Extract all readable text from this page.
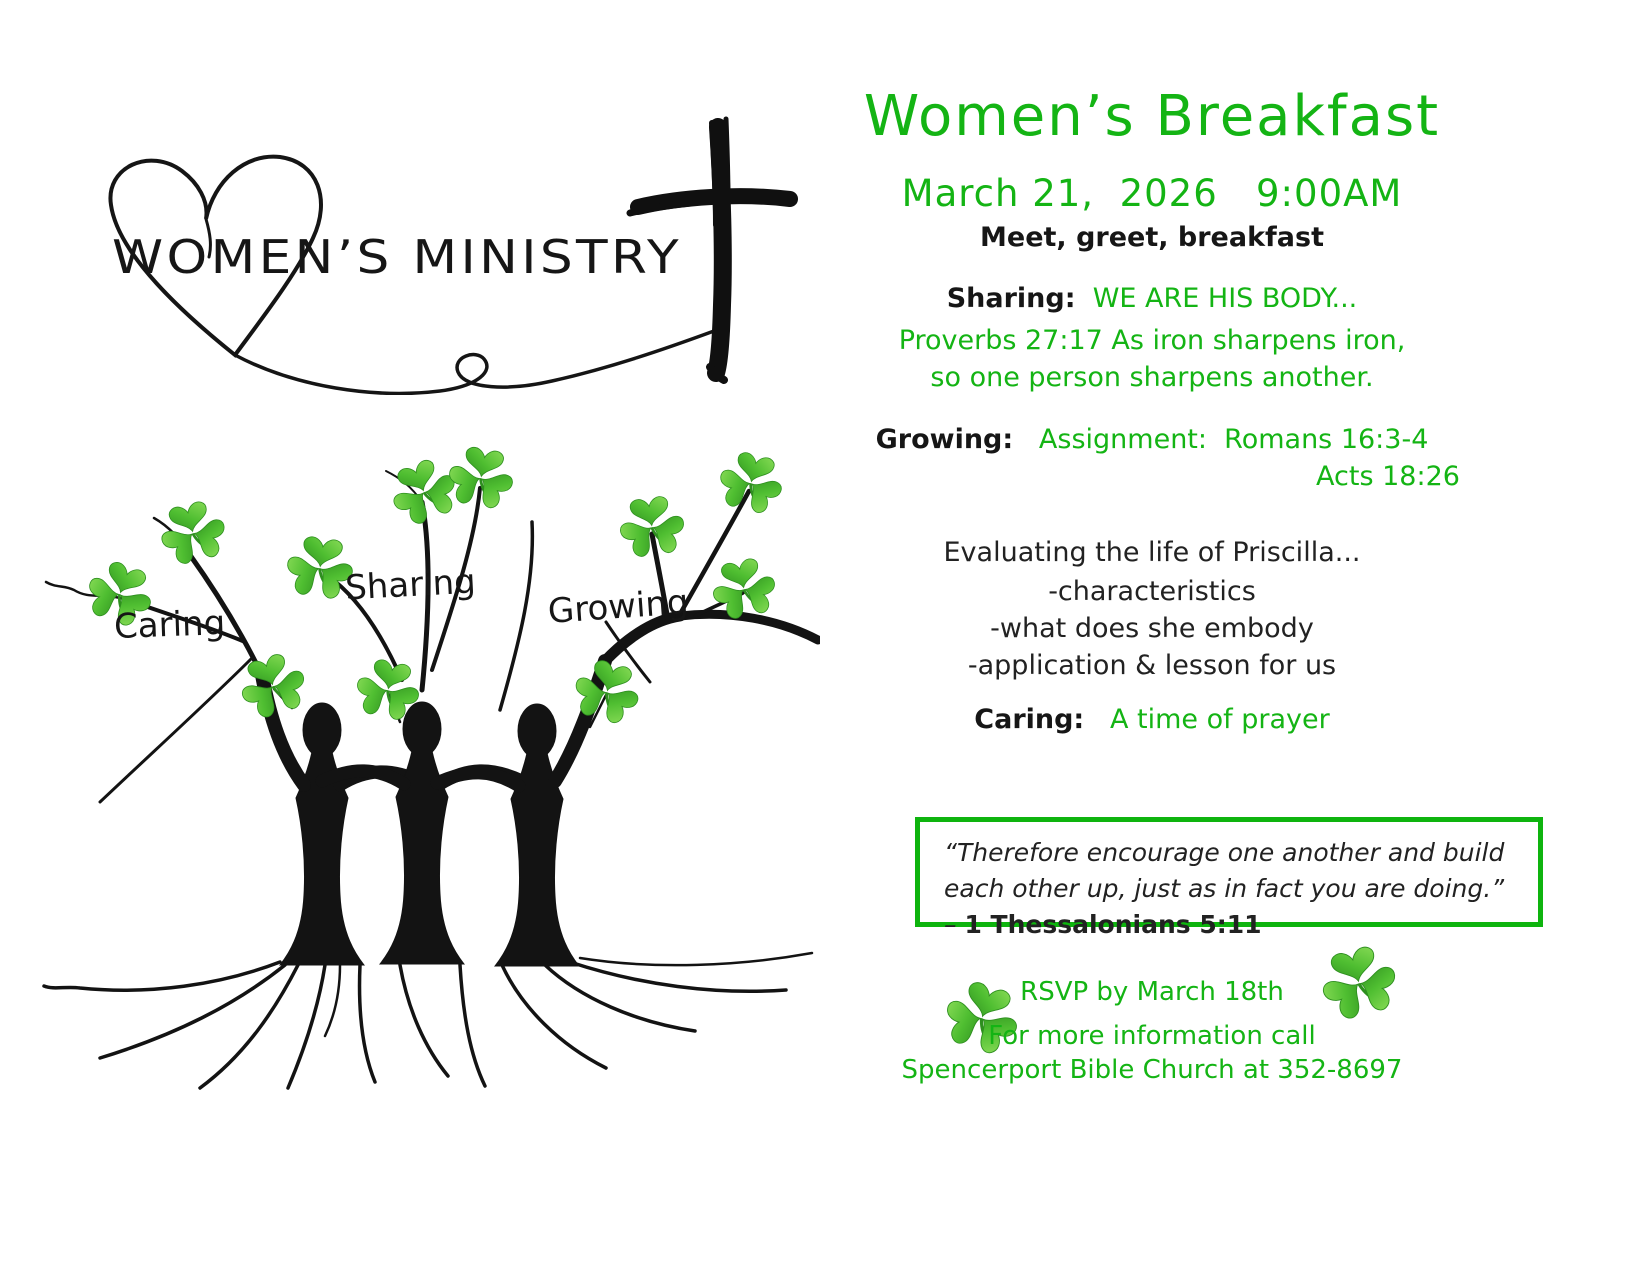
WOMEN’S MINISTRY
Caring
Sharing Growing
Women’s Breakfast
March 21,  2026   9:00AM
Meet, greet, breakfast
Sharing: WE ARE HIS BODY...
Proverbs 27:17 As iron sharpens iron,
so one person sharpens another.
Growing: Assignment:  Romans 16:3-4
Acts 18:26
Evaluating the life of Priscilla...
-characteristics
-what does she embody
-application & lesson for us
Caring: A time of prayer
“Therefore encourage one another and build each other up, just as in fact you are doing.” – 1 Thessalonians 5:11
RSVP by March 18th
For more information call
Spencerport Bible Church at 352-8697
